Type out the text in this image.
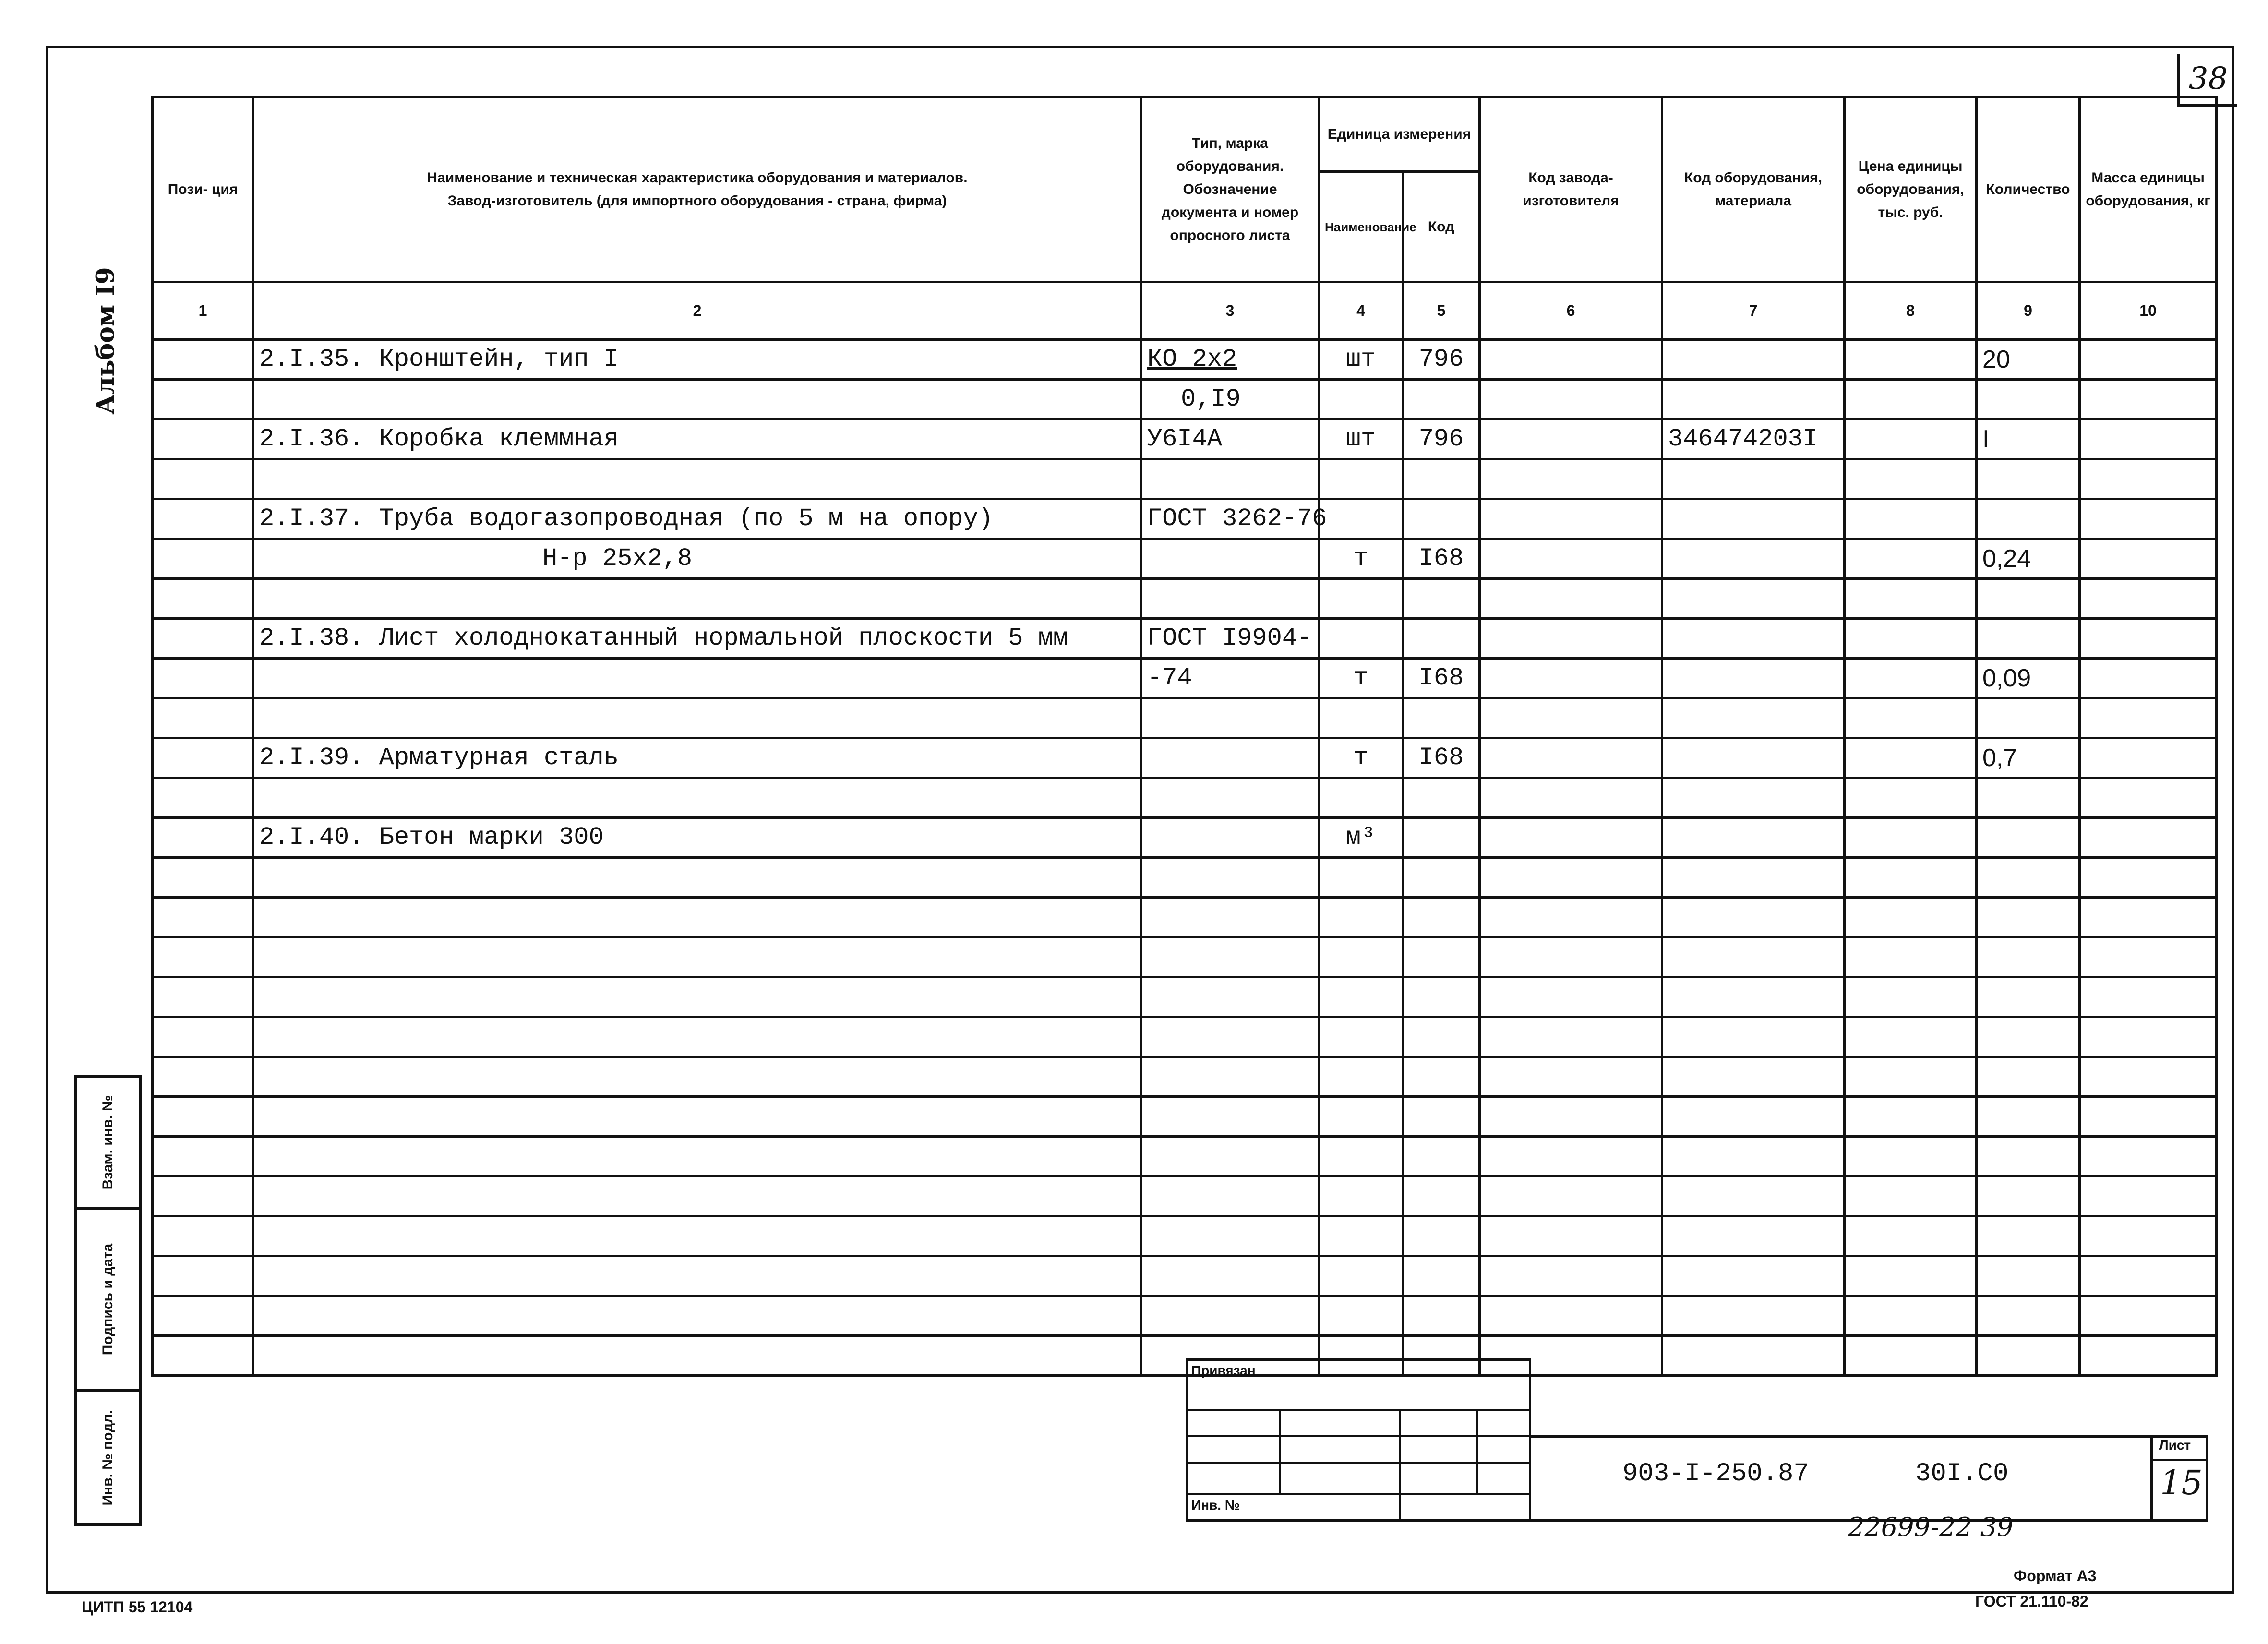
38
Альбом I9
Пози- ция	Наименование и техническая характеристика оборудования и материалов.
Завод-изготовитель (для импортного оборудования - страна, фирма)	Тип, марка оборудования. Обозначение документа и номер опросного листа	Единица измерения		Код завода-изготовителя	Код оборудования, материала	Цена единицы оборудования, тыс. руб.	Количество	Масса единицы оборудования, кг
			Наименование	Код					
1	2	3	4	5	6	7	8	9	10
	2.I.35. Кронштейн, тип I	КО 2х2	шт	796				20	
		0,I9							
	2.I.36. Коробка клеммная	У6I4А	шт	796		346474203I		I	

	2.I.37. Труба водогазопроводная (по 5 м на опору)	ГОСТ 3262-76							
	Н-р 25х2,8		т	I68				0,24	

	2.I.38. Лист холоднокатанный нормальной плоскости 5 мм	ГОСТ I9904-							
		-74	т	I68				0,09	

	2.I.39. Арматурная сталь		т	I68				0,7	

	2.I.40. Бетон марки 300		м³						

Взам. инв. №
Подпись и дата
Инв. № подл.
Привязан
Инв. №
903-I-250.87	30I.C0
Лист
15
22699-22 39
Формат А3
ГОСТ 21.110-82
ЦИТП 55 12104
